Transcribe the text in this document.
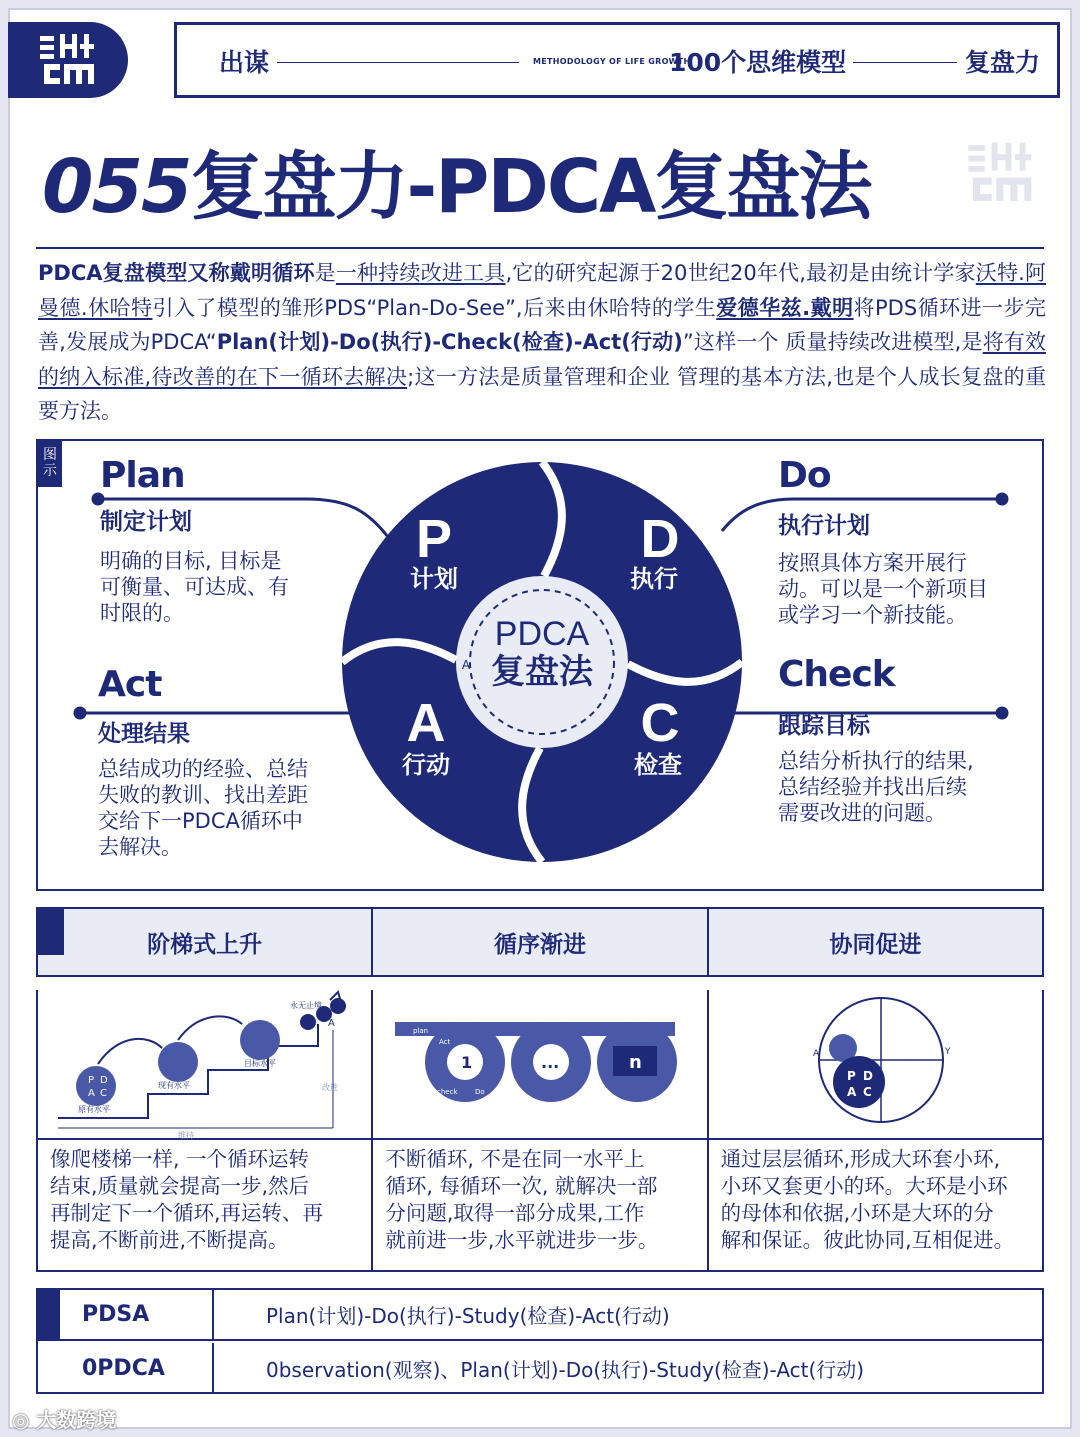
出谋	METHODOLOGY OF LIFE GROWTH
100个思维模型	复盘力
055复盘力-PDCA复盘法
PDCA复盘模型又称戴明循环是一种持续改进工具,它的研究起源于20世纪20年代,最初是由统计学家沃特.阿曼德.休哈特引入了模型的雏形PDS“Plan-Do-See”,后来由休哈特的学生爱德华兹.戴明将PDS循环进一步完善,发展成为PDCA“Plan(计划)-Do(执行)-Check(检查)-Act(行动)”这样一个 质量持续改进模型,是将有效的纳入标准,待改善的在下一循环去解决;这一方法是质量管理和企业 管理的基本方法,也是个人成长复盘的重要方法。
图示
P
计划
D
执行
A
行动
C
检查
PDCA
复盘法
A
Plan
制定计划
明确的目标, 目标是
可衡量、可达成、有
时限的。
Do
执行计划
按照具体方案开展行
动。可以是一个新项目
或学习一个新技能。
Act
处理结果
总结成功的经验、总结
失败的教训、找出差距
交给下一PDCA循环中
去解决。
Check
跟踪目标
总结分析执行的结果,
总结经验并找出后续
需要改进的问题。
阶梯式上升	循序渐进	协同促进
P D
A C
原有水平
现有水平
目标水平
永无止境
A
维持
改进
像爬楼梯一样, 一个循环运转
结束,质量就会提高一步,然后
再制定下一个循环,再运转、再
提高,不断前进,不断提高。
plan
Act
check	Do
1	...	n
不断循环, 不是在同一水平上
循环, 每循环一次, 就解决一部
分问题,取得一部分成果,工作
就前进一步,水平就进步一步。
A	Y
P D
A C
通过层层循环,形成大环套小环,
小环又套更小的环。大环是小环
的母体和依据,小环是大环的分
解和保证。彼此协同,互相促进。
PDSA	Plan(计划)-Do(执行)-Study(检查)-Act(行动)
0PDCA	0bservation(观察)、Plan(计划)-Do(执行)-Study(检查)-Act(行动)
◎ 大数跨境
